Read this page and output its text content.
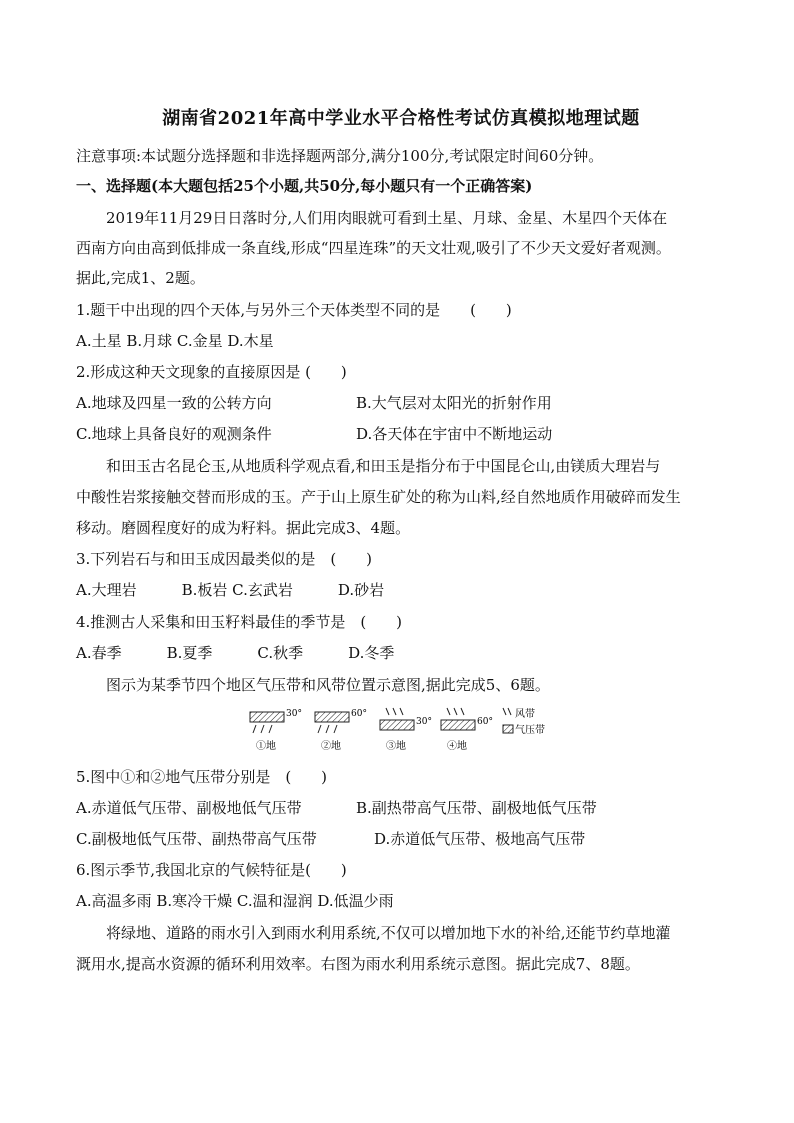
湖南省2021年高中学业水平合格性考试仿真模拟地理试题
注意事项:本试题分选择题和非选择题两部分,满分100分,考试限定时间60分钟。
一、选择题(本大题包括25个小题,共50分,每小题只有一个正确答案)
2019年11月29日日落时分,人们用肉眼就可看到土星、月球、金星、木星四个天体在
西南方向由高到低排成一条直线,形成“四星连珠”的天文壮观,吸引了不少天文爱好者观测。
据此,完成1、2题。
1.题干中出现的四个天体,与另外三个天体类型不同的是　　(　　)
A.土星 B.月球 C.金星 D.木星
2.形成这种天文现象的直接原因是 (　　)
A.地球及四星一致的公转方向	B.大气层对太阳光的折射作用
C.地球上具备良好的观测条件	D.各天体在宇宙中不断地运动
和田玉古名昆仑玉,从地质科学观点看,和田玉是指分布于中国昆仑山,由镁质大理岩与
中酸性岩浆接触交替而形成的玉。产于山上原生矿处的称为山料,经自然地质作用破碎而发生
移动。磨圆程度好的成为籽料。据此完成3、4题。
3.下列岩石与和田玉成因最类似的是　(　　)
A.大理岩　　　B.板岩 C.玄武岩　　　D.砂岩
4.推测古人采集和田玉籽料最佳的季节是　(　　)
A.春季　　　B.夏季　　　C.秋季　　　D.冬季
图示为某季节四个地区气压带和风带位置示意图,据此完成5、6题。
30°
①地
60°
②地
30°
③地
60°
④地
风带
气压带
5.图中①和②地气压带分别是　(　　)
A.赤道低气压带、副极地低气压带	B.副热带高气压带、副极地低气压带
C.副极地低气压带、副热带高气压带	D.赤道低气压带、极地高气压带
6.图示季节,我国北京的气候特征是(　　)
A.高温多雨 B.寒冷干燥 C.温和湿润 D.低温少雨
将绿地、道路的雨水引入到雨水利用系统,不仅可以增加地下水的补给,还能节约草地灌
溉用水,提高水资源的循环利用效率。右图为雨水利用系统示意图。据此完成7、8题。
